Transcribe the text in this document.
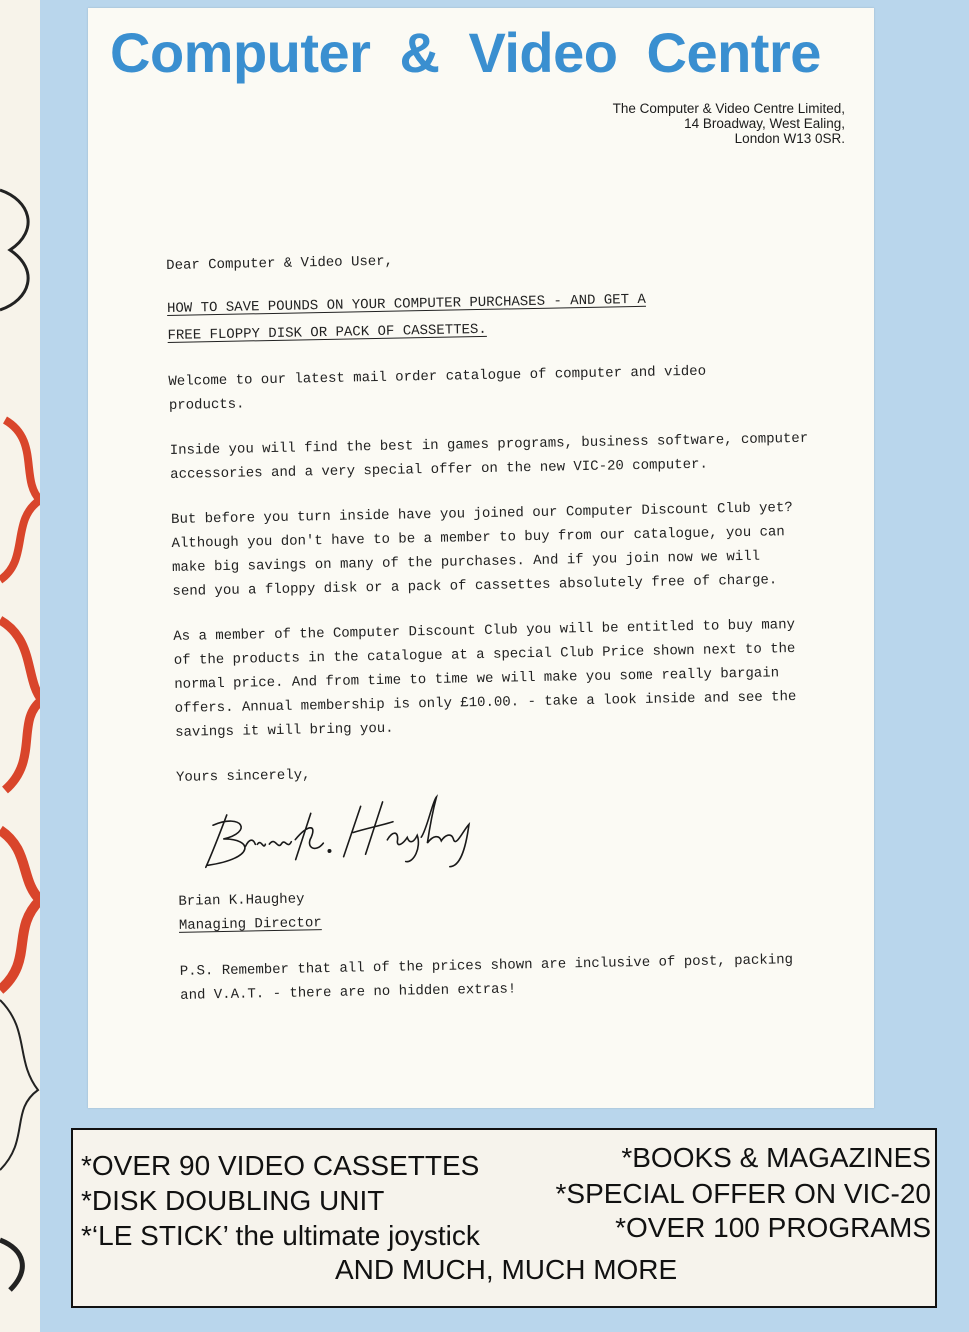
Computer & Video Centre
The Computer & Video Centre Limited,
14 Broadway, West Ealing,
London W13 0SR.

Dear Computer & Video User,

HOW TO SAVE POUNDS ON YOUR COMPUTER PURCHASES - AND GET A
FREE FLOPPY DISK OR PACK OF CASSETTES.

Welcome to our latest mail order catalogue of computer and video products.

Inside you will find the best in games programs, business software, computer accessories and a very special offer on the new VIC-20 computer.

But before you turn inside have you joined our Computer Discount Club yet? Although you don't have to be a member to buy from our catalogue, you can make big savings on many of the purchases. And if you join now we will send you a floppy disk or a pack of cassettes absolutely free of charge.

As a member of the Computer Discount Club you will be entitled to buy many of the products in the catalogue at a special Club Price shown next to the normal price. And from time to time we will make you some really bargain offers. Annual membership is only £10.00. - take a look inside and see the savings it will bring you.

Yours sincerely,

Brian K.Haughey

Managing Director

P.S. Remember that all of the prices shown are inclusive of post, packing and V.A.T. - there are no hidden extras!

*OVER 90 VIDEO CASSETTES	*BOOKS & MAGAZINES
*DISK DOUBLING UNIT	*SPECIAL OFFER ON VIC-20
*‘LE STICK’ the ultimate joystick	*OVER 100 PROGRAMS
AND MUCH, MUCH MORE
